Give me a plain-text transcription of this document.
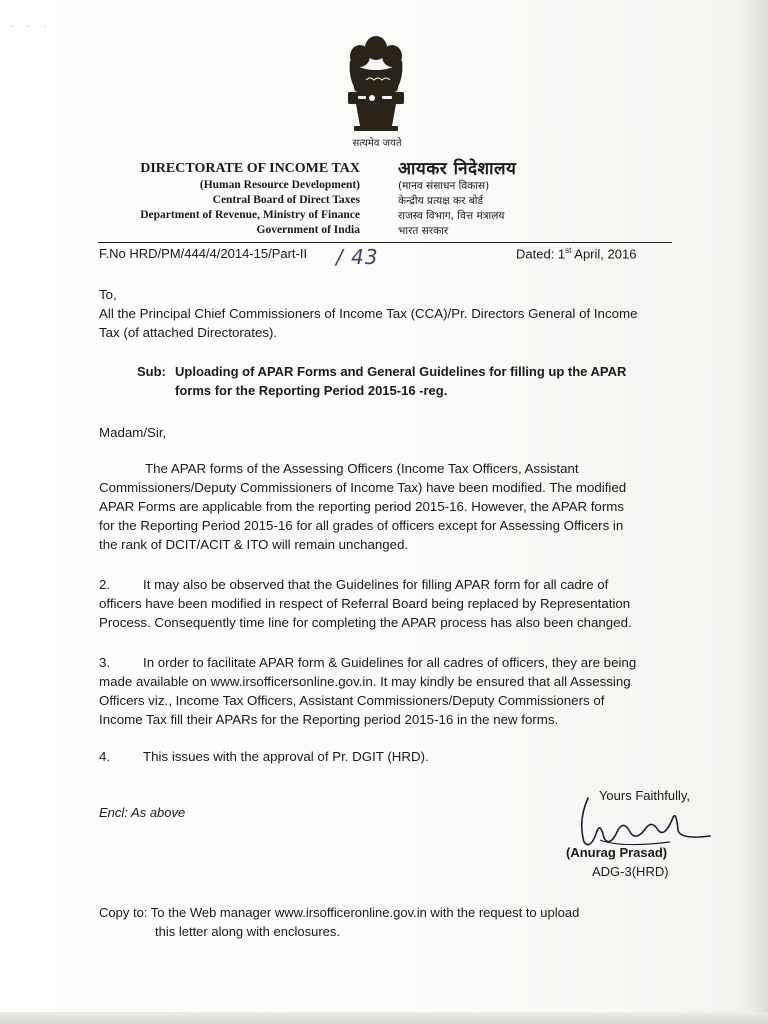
· · ·
सत्यमेव जयते
DIRECTORATE OF INCOME TAX
(Human Resource Development)
Central Board of Direct Taxes
Department of Revenue, Ministry of Finance
Government of India
आयकर निदेशालय
(मानव संसाधन विकास)
केन्द्रीय प्रत्यक्ष कर बोर्ड
राजस्व विभाग, वित्त मंत्रालय
भारत सरकार
F.No HRD/PM/444/4/2014-15/Part-II / 43	Dated: 1st April, 2016
To,
All the Principal Chief Commissioners of Income Tax (CCA)/Pr. Directors General of Income
Tax (of attached Directorates).
Sub: Uploading of APAR Forms and General Guidelines for filling up the APAR
forms for the Reporting Period 2015-16 -reg.
Madam/Sir,
The APAR forms of the Assessing Officers (Income Tax Officers, Assistant
Commissioners/Deputy Commissioners of Income Tax) have been modified. The modified
APAR Forms are applicable from the reporting period 2015-16. However, the APAR forms
for the Reporting Period 2015-16 for all grades of officers except for Assessing Officers in
the rank of DCIT/ACIT & ITO will remain unchanged.
2. It may also be observed that the Guidelines for filling APAR form for all cadre of
officers have been modified in respect of Referral Board being replaced by Representation
Process. Consequently time line for completing the APAR process has also been changed.
3. In order to facilitate APAR form & Guidelines for all cadres of officers, they are being
made available on www.irsofficersonline.gov.in. It may kindly be ensured that all Assessing
Officers viz., Income Tax Officers, Assistant Commissioners/Deputy Commissioners of
Income Tax fill their APARs for the Reporting period 2015-16 in the new forms.
4. This issues with the approval of Pr. DGIT (HRD).
Yours Faithfully,
Encl: As above
(Anurag Prasad)
ADG-3(HRD)
Copy to: To the Web manager www.irsofficeronline.gov.in with the request to upload
this letter along with enclosures.
